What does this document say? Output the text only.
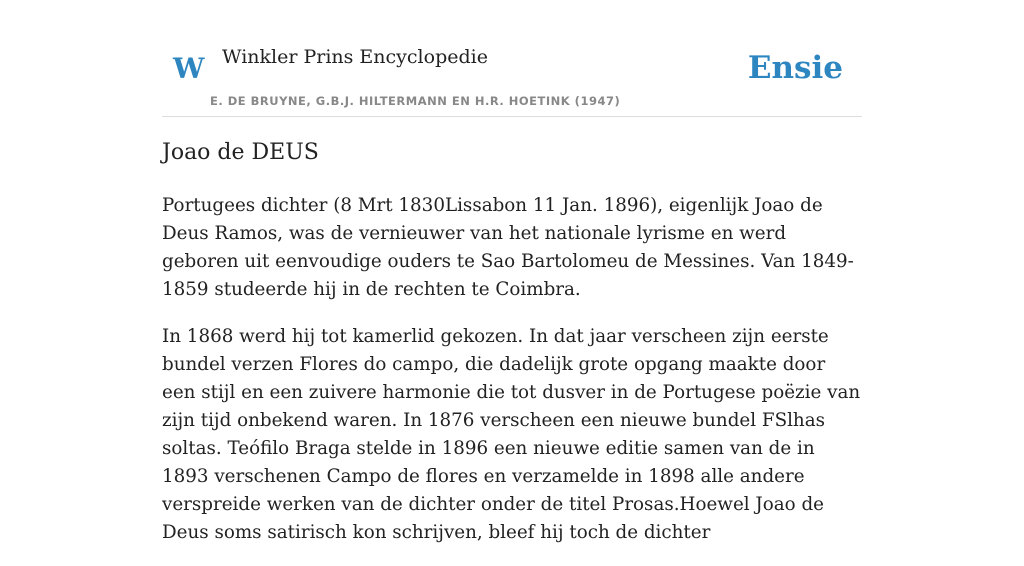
W Winkler Prins Encyclopedie
E. DE BRUYNE, G.B.J. HILTERMANN EN H.R. HOETINK (1947)
Ensie
Joao de DEUS

Portugees dichter (8 Mrt 1830Lissabon 11 Jan. 1896), eigenlijk Joao de Deus Ramos, was de vernieuwer van het nationale lyrisme en werd geboren uit eenvoudige ouders te Sao Bartolomeu de Messines. Van 1849-1859 studeerde hij in de rechten te Coimbra.

In 1868 werd hij tot kamerlid gekozen. In dat jaar verscheen zijn eerste bundel verzen Flores do campo, die dadelijk grote opgang maakte door een stijl en een zuivere harmonie die tot dusver in de Portugese poëzie van zijn tijd onbekend waren. In 1876 verscheen een nieuwe bundel FSlhas soltas. Teófilo Braga stelde in 1896 een nieuwe editie samen van de in 1893 verschenen Campo de flores en verzamelde in 1898 alle andere verspreide werken van de dichter onder de titel Prosas.Hoewel Joao de Deus soms satirisch kon schrijven, bleef hij toch de dichter
